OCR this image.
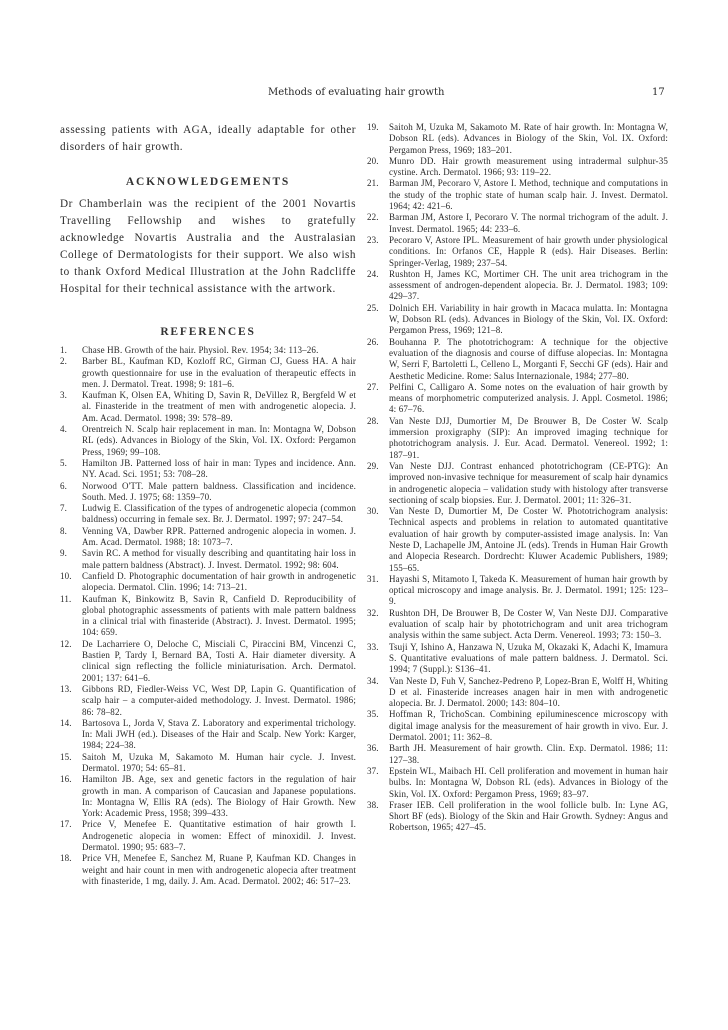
Methods of evaluating hair growth	17

assessing patients with AGA, ideally adaptable for other disorders of hair growth.

ACKNOWLEDGEMENTS

Dr Chamberlain was the recipient of the 2001 Novartis Travelling Fellowship and wishes to gratefully acknowledge Novartis Australia and the Australasian College of Dermatologists for their support. We also wish to thank Oxford Medical Illustration at the John Radcliffe Hospital for their technical assistance with the artwork.

REFERENCES
1. Chase HB. Growth of the hair. Physiol. Rev. 1954; 34: 113–26.
2. Barber BL, Kaufman KD, Kozloff RC, Girman CJ, Guess HA. A hair growth questionnaire for use in the evaluation of therapeutic effects in men. J. Dermatol. Treat. 1998; 9: 181–6.
3. Kaufman K, Olsen EA, Whiting D, Savin R, DeVillez R, Bergfeld W et al. Finasteride in the treatment of men with androgenetic alopecia. J. Am. Acad. Dermatol. 1998; 39: 578–89.
4. Orentreich N. Scalp hair replacement in man. In: Montagna W, Dobson RL (eds). Advances in Biology of the Skin, Vol. IX. Oxford: Pergamon Press, 1969; 99–108.
5. Hamilton JB. Patterned loss of hair in man: Types and incidence. Ann. NY. Acad. Sci. 1951; 53: 708–28.
6. Norwood O'TT. Male pattern baldness. Classification and incidence. South. Med. J. 1975; 68: 1359–70.
7. Ludwig E. Classification of the types of androgenetic alopecia (common baldness) occurring in female sex. Br. J. Dermatol. 1997; 97: 247–54.
8. Venning VA, Dawber RPR. Patterned androgenic alopecia in women. J. Am. Acad. Dermatol. 1988; 18: 1073–7.
9. Savin RC. A method for visually describing and quantitating hair loss in male pattern baldness (Abstract). J. Invest. Dermatol. 1992; 98: 604.
10. Canfield D. Photographic documentation of hair growth in androgenetic alopecia. Dermatol. Clin. 1996; 14: 713–21.
11. Kaufman K, Binkowitz B, Savin R, Canfield D. Reproducibility of global photographic assessments of patients with male pattern baldness in a clinical trial with finasteride (Abstract). J. Invest. Dermatol. 1995; 104: 659.
12. De Lacharriere O, Deloche C, Misciali C, Piraccini BM, Vincenzi C, Bastien P, Tardy I, Bernard BA, Tosti A. Hair diameter diversity. A clinical sign reflecting the follicle miniaturisation. Arch. Dermatol. 2001; 137: 641–6.
13. Gibbons RD, Fiedler-Weiss VC, West DP, Lapin G. Quantification of scalp hair – a computer-aided methodology. J. Invest. Dermatol. 1986; 86: 78–82.
14. Bartosova L, Jorda V, Stava Z. Laboratory and experimental trichology. In: Mali JWH (ed.). Diseases of the Hair and Scalp. New York: Karger, 1984; 224–38.
15. Saitoh M, Uzuka M, Sakamoto M. Human hair cycle. J. Invest. Dermatol. 1970; 54: 65–81.
16. Hamilton JB. Age, sex and genetic factors in the regulation of hair growth in man. A comparison of Caucasian and Japanese populations. In: Montagna W, Ellis RA (eds). The Biology of Hair Growth. New York: Academic Press, 1958; 399–433.
17. Price V, Menefee E. Quantitative estimation of hair growth I. Androgenetic alopecia in women: Effect of minoxidil. J. Invest. Dermatol. 1990; 95: 683–7.
18. Price VH, Menefee E, Sanchez M, Ruane P, Kaufman KD. Changes in weight and hair count in men with androgenetic alopecia after treatment with finasteride, 1 mg, daily. J. Am. Acad. Dermatol. 2002; 46: 517–23.
19. Saitoh M, Uzuka M, Sakamoto M. Rate of hair growth. In: Montagna W, Dobson RL (eds). Advances in Biology of the Skin, Vol. IX. Oxford: Pergamon Press, 1969; 183–201.
20. Munro DD. Hair growth measurement using intradermal sulphur-35 cystine. Arch. Dermatol. 1966; 93: 119–22.
21. Barman JM, Pecoraro V, Astore I. Method, technique and computations in the study of the trophic state of human scalp hair. J. Invest. Dermatol. 1964; 42: 421–6.
22. Barman JM, Astore I, Pecoraro V. The normal trichogram of the adult. J. Invest. Dermatol. 1965; 44: 233–6.
23. Pecoraro V, Astore IPL. Measurement of hair growth under physiological conditions. In: Orfanos CE, Happle R (eds). Hair Diseases. Berlin: Springer-Verlag, 1989; 237–54.
24. Rushton H, James KC, Mortimer CH. The unit area trichogram in the assessment of androgen-dependent alopecia. Br. J. Dermatol. 1983; 109: 429–37.
25. Dolnich EH. Variability in hair growth in Macaca mulatta. In: Montagna W, Dobson RL (eds). Advances in Biology of the Skin, Vol. IX. Oxford: Pergamon Press, 1969; 121–8.
26. Bouhanna P. The phototrichogram: A technique for the objective evaluation of the diagnosis and course of diffuse alopecias. In: Montagna W, Serri F, Bartoletti L, Celleno L, Morganti F, Secchi GF (eds). Hair and Aesthetic Medicine. Rome: Salus Internazionale, 1984; 277–80.
27. Pelfini C, Calligaro A. Some notes on the evaluation of hair growth by means of morphometric computerized analysis. J. Appl. Cosmetol. 1986; 4: 67–76.
28. Van Neste DJJ, Dumortier M, De Brouwer B, De Coster W. Scalp immersion proxigraphy (SIP): An improved imaging technique for phototrichogram analysis. J. Eur. Acad. Dermatol. Venereol. 1992; 1: 187–91.
29. Van Neste DJJ. Contrast enhanced phototrichogram (CE-PTG): An improved non-invasive technique for measurement of scalp hair dynamics in androgenetic alopecia – validation study with histology after transverse sectioning of scalp biopsies. Eur. J. Dermatol. 2001; 11: 326–31.
30. Van Neste D, Dumortier M, De Coster W. Phototrichogram analysis: Technical aspects and problems in relation to automated quantitative evaluation of hair growth by computer-assisted image analysis. In: Van Neste D, Lachapelle JM, Antoine JL (eds). Trends in Human Hair Growth and Alopecia Research. Dordrecht: Kluwer Academic Publishers, 1989; 155–65.
31. Hayashi S, Mitamoto I, Takeda K. Measurement of human hair growth by optical microscopy and image analysis. Br. J. Dermatol. 1991; 125: 123–9.
32. Rushton DH, De Brouwer B, De Coster W, Van Neste DJJ. Comparative evaluation of scalp hair by phototrichogram and unit area trichogram analysis within the same subject. Acta Derm. Venereol. 1993; 73: 150–3.
33. Tsuji Y, Ishino A, Hanzawa N, Uzuka M, Okazaki K, Adachi K, Imamura S. Quantitative evaluations of male pattern baldness. J. Dermatol. Sci. 1994; 7 (Suppl.): S136–41.
34. Van Neste D, Fuh V, Sanchez-Pedreno P, Lopez-Bran E, Wolff H, Whiting D et al. Finasteride increases anagen hair in men with androgenetic alopecia. Br. J. Dermatol. 2000; 143: 804–10.
35. Hoffman R, TrichoScan. Combining epiluminescence microscopy with digital image analysis for the measurement of hair growth in vivo. Eur. J. Dermatol. 2001; 11: 362–8.
36. Barth JH. Measurement of hair growth. Clin. Exp. Dermatol. 1986; 11: 127–38.
37. Epstein WL, Maibach HI. Cell proliferation and movement in human hair bulbs. In: Montagna W, Dobson RL (eds). Advances in Biology of the Skin, Vol. IX. Oxford: Pergamon Press, 1969; 83–97.
38. Fraser IEB. Cell proliferation in the wool follicle bulb. In: Lyne AG, Short BF (eds). Biology of the Skin and Hair Growth. Sydney: Angus and Robertson, 1965; 427–45.
